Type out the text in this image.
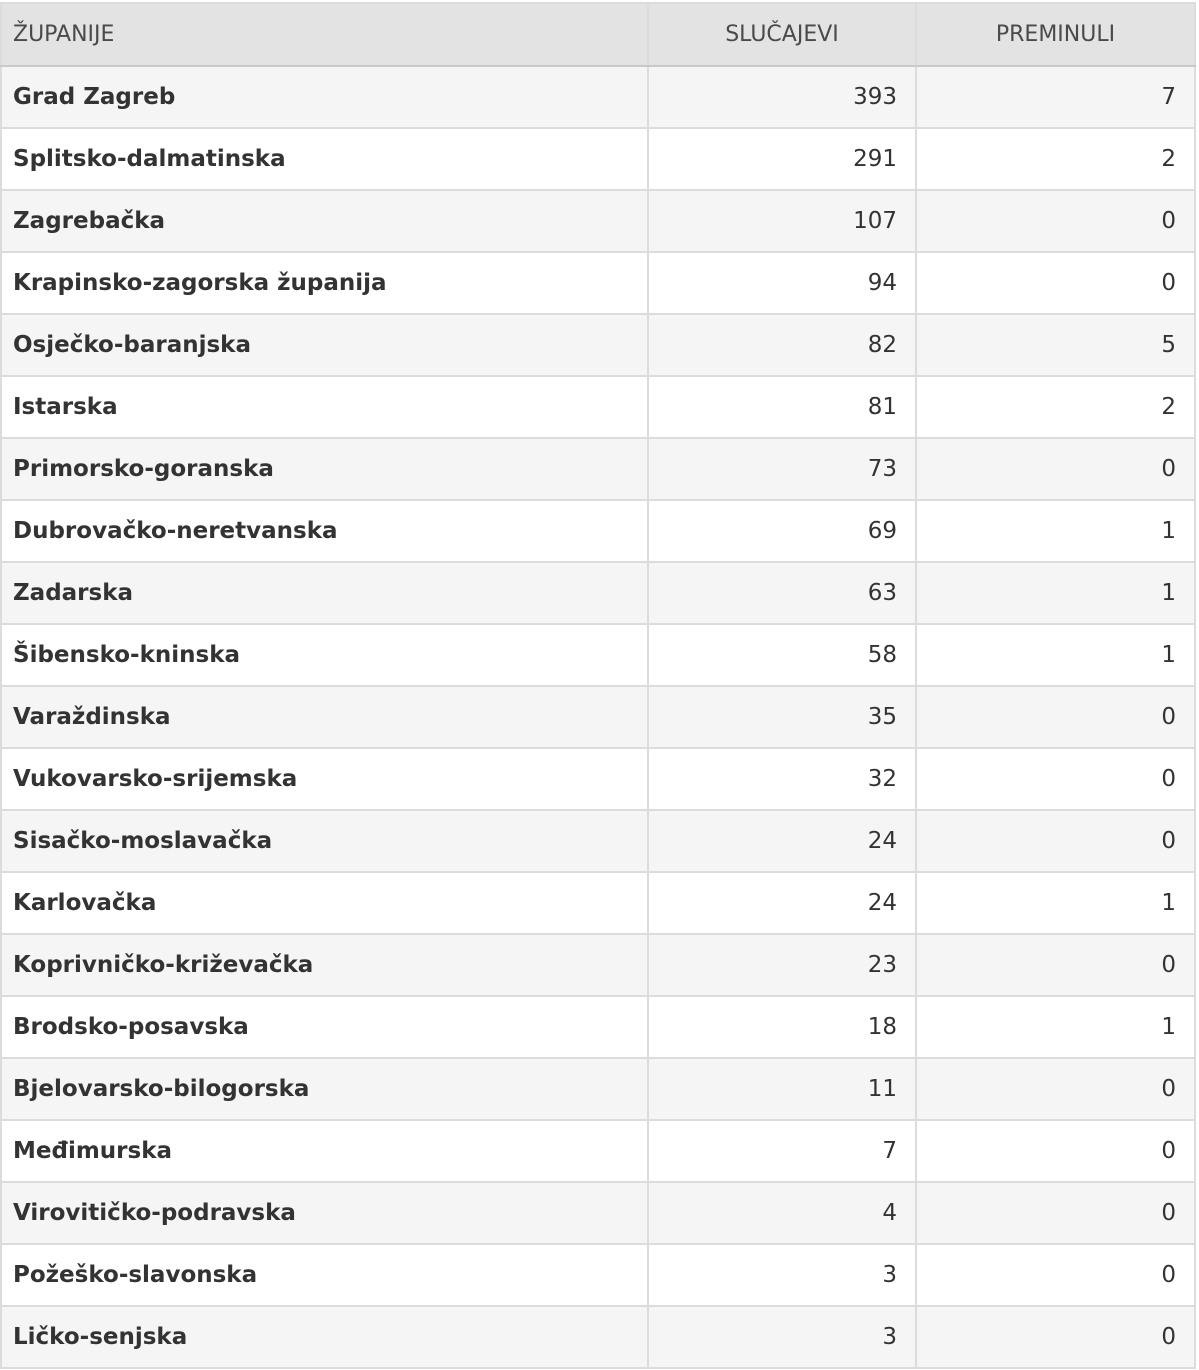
ŽUPANIJE	SLUČAJEVI	PREMINULI
Grad Zagreb	393	7
Splitsko-dalmatinska	291	2
Zagrebačka	107	0
Krapinsko-zagorska županija	94	0
Osječko-baranjska	82	5
Istarska	81	2
Primorsko-goranska	73	0
Dubrovačko-neretvanska	69	1
Zadarska	63	1
Šibensko-kninska	58	1
Varaždinska	35	0
Vukovarsko-srijemska	32	0
Sisačko-moslavačka	24	0
Karlovačka	24	1
Koprivničko-križevačka	23	0
Brodsko-posavska	18	1
Bjelovarsko-bilogorska	11	0
Međimurska	7	0
Virovitičko-podravska	4	0
Požeško-slavonska	3	0
Ličko-senjska	3	0
